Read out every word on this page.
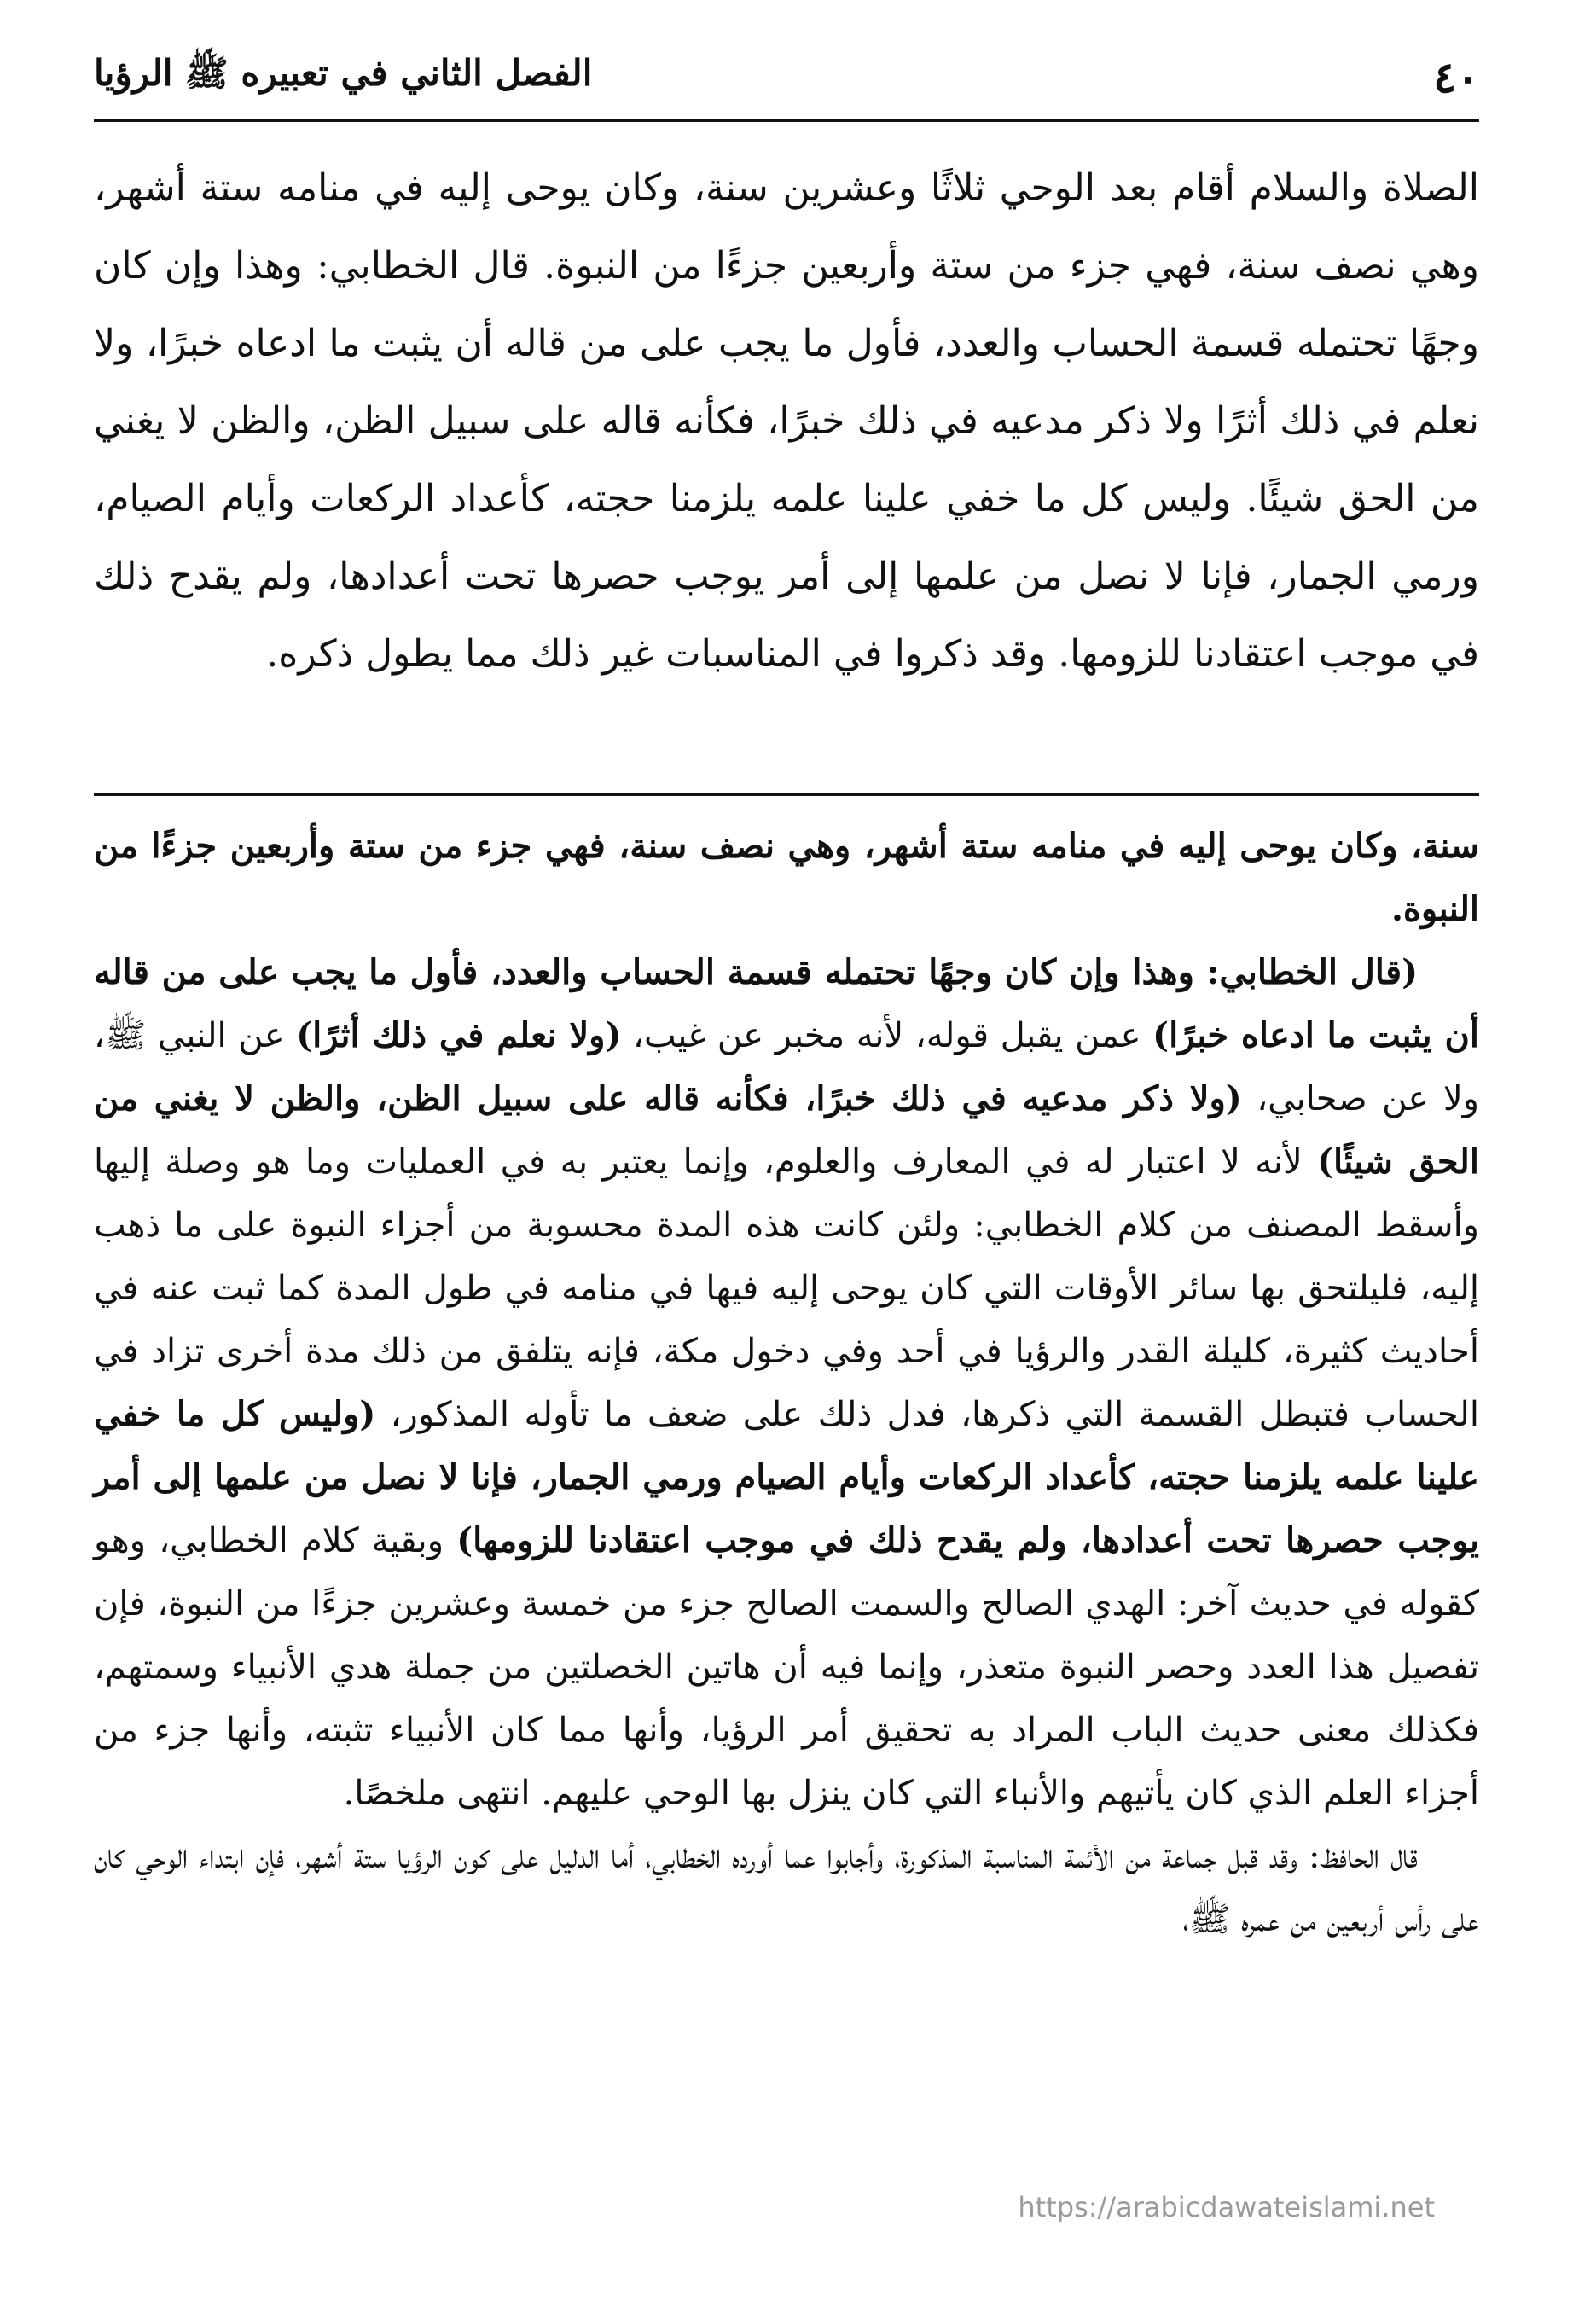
٤٠
الفصل الثاني في تعبيره ﷺ الرؤيا

الصلاة والسلام أقام بعد الوحي ثلاثًا وعشرين سنة، وكان يوحى إليه في منامه ستة أشهر، وهي نصف سنة، فهي جزء من ستة وأربعين جزءًا من النبوة. قال الخطابي: وهذا وإن كان وجهًا تحتمله قسمة الحساب والعدد، فأول ما يجب على من قاله أن يثبت ما ادعاه خبرًا، ولا نعلم في ذلك أثرًا ولا ذكر مدعيه في ذلك خبرًا، فكأنه قاله على سبيل الظن، والظن لا يغني من الحق شيئًا. وليس كل ما خفي علينا علمه يلزمنا حجته، كأعداد الركعات وأيام الصيام، ورمي الجمار، فإنا لا نصل من علمها إلى أمر يوجب حصرها تحت أعدادها، ولم يقدح ذلك في موجب اعتقادنا للزومها. وقد ذكروا في المناسبات غير ذلك مما يطول ذكره.

سنة، وكان يوحى إليه في منامه ستة أشهر، وهي نصف سنة، فهي جزء من ستة وأربعين جزءًا من النبوة.

(قال الخطابي: وهذا وإن كان وجهًا تحتمله قسمة الحساب والعدد، فأول ما يجب على من قاله أن يثبت ما ادعاه خبرًا) عمن يقبل قوله، لأنه مخبر عن غيب، (ولا نعلم في ذلك أثرًا) عن النبي ﷺ، ولا عن صحابي، (ولا ذكر مدعيه في ذلك خبرًا، فكأنه قاله على سبيل الظن، والظن لا يغني من الحق شيئًا) لأنه لا اعتبار له في المعارف والعلوم، وإنما يعتبر به في العمليات وما هو وصلة إليها وأسقط المصنف من كلام الخطابي: ولئن كانت هذه المدة محسوبة من أجزاء النبوة على ما ذهب إليه، فليلتحق بها سائر الأوقات التي كان يوحى إليه فيها في منامه في طول المدة كما ثبت عنه في أحاديث كثيرة، كليلة القدر والرؤيا في أحد وفي دخول مكة، فإنه يتلفق من ذلك مدة أخرى تزاد في الحساب فتبطل القسمة التي ذكرها، فدل ذلك على ضعف ما تأوله المذكور، (وليس كل ما خفي علينا علمه يلزمنا حجته، كأعداد الركعات وأيام الصيام ورمي الجمار، فإنا لا نصل من علمها إلى أمر يوجب حصرها تحت أعدادها، ولم يقدح ذلك في موجب اعتقادنا للزومها) وبقية كلام الخطابي، وهو كقوله في حديث آخر: الهدي الصالح والسمت الصالح جزء من خمسة وعشرين جزءًا من النبوة، فإن تفصيل هذا العدد وحصر النبوة متعذر، وإنما فيه أن هاتين الخصلتين من جملة هدي الأنبياء وسمتهم، فكذلك معنى حديث الباب المراد به تحقيق أمر الرؤيا، وأنها مما كان الأنبياء تثبته، وأنها جزء من أجزاء العلم الذي كان يأتيهم والأنباء التي كان ينزل بها الوحي عليهم. انتهى ملخصًا.

قال الحافظ: وقد قبل جماعة من الأئمة المناسبة المذكورة، وأجابوا عما أورده الخطابي، أما الدليل على كون الرؤيا ستة أشهر، فإن ابتداء الوحي كان على رأس أربعين من عمره ﷺ،

https://arabicdawateislami.net
